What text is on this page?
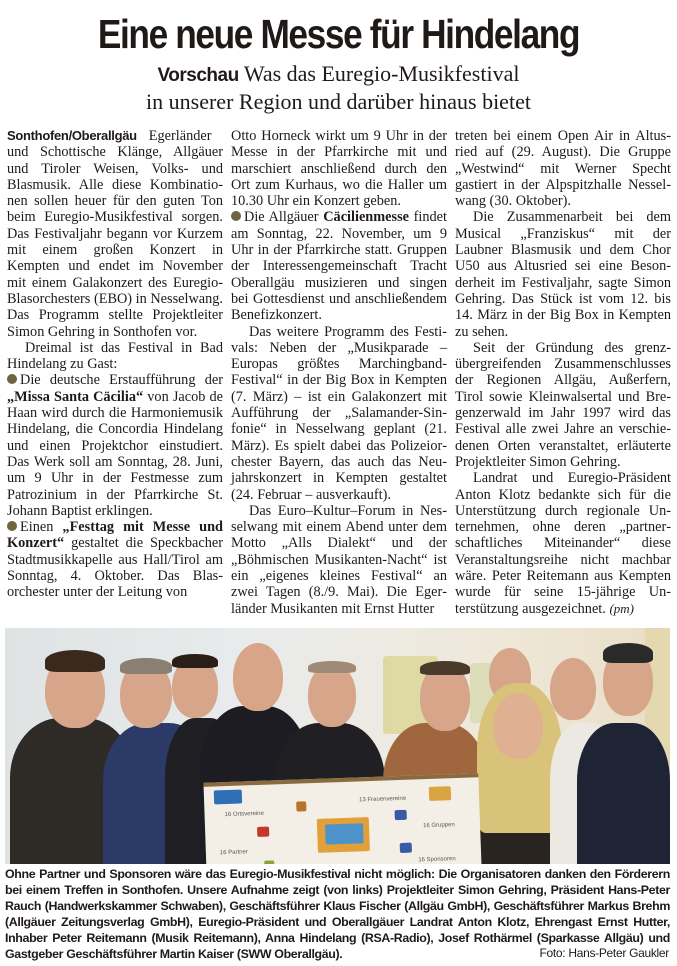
Eine neue Messe für Hindelang
Vorschau Was das Euregio-Musikfestival
in unserer Region und darüber hinaus bietet

Sonthofen/Oberallgäu Egerländer und Schottische Klänge, Allgäuer und Tiroler Weisen, Volks- und Blasmusik. Alle diese Kombinationen sollen heuer für den guten Ton beim Euregio-Musikfestival sorgen. Das Festivaljahr begann vor Kurzem mit einem großen Konzert in Kempten und endet im November mit einem Galakonzert des Euregio-Blasorchesters (EBO) in Nesselwang. Das Programm stellte Projektleiter Simon Gehring in Sonthofen vor.

Dreimal ist das Festival in Bad Hindelang zu Gast:

Die deutsche Erstaufführung der „Missa Santa Cäcilia“ von Jacob de Haan wird durch die Harmoniemusik Hindelang, die Concordia Hindelang und einen Projektchor einstudiert. Das Werk soll am Sonntag, 28. Juni, um 9 Uhr in der Festmesse zum Patrozinium in der Pfarrkirche St. Johann Baptist erklingen.

Einen „Festtag mit Messe und Konzert“ gestaltet die Speckbacher Stadtmusikkapelle aus Hall/Tirol am Sonntag, 4. Oktober. Das Blasorchester unter der Leitung von

Otto Horneck wirkt um 9 Uhr in der Messe in der Pfarrkirche mit und marschiert anschließend durch den Ort zum Kurhaus, wo die Haller um 10.30 Uhr ein Konzert geben.

Die Allgäuer Cäcilienmesse findet am Sonntag, 22. November, um 9 Uhr in der Pfarrkirche statt. Gruppen der Interessengemeinschaft Tracht Oberallgäu musizieren und singen bei Gottesdienst und anschließendem Benefizkonzert.

Das weitere Programm des Festivals: Neben der „Musikparade – Europas größtes Marchingband-Festival“ in der Big Box in Kempten (7. März) – ist ein Galakonzert mit Aufführung der „Salamander-Sinfonie“ in Nesselwang geplant (21. März). Es spielt dabei das Polizeiorchester Bayern, das auch das Neujahrskonzert in Kempten gestaltet (24. Februar – ausverkauft).

Das Euro–Kultur–Forum in Nesselwang mit einem Abend unter dem Motto „Alls Dialekt“ und der „Böhmischen Musikanten-Nacht“ ist ein „eigenes kleines Festival“ an zwei Tagen (8./9. Mai). Die Egerländer Musikanten mit Ernst Hutter

treten bei einem Open Air in Altusried auf (29. August). Die Gruppe „Westwind“ mit Werner Specht gastiert in der Alpspitzhalle Nesselwang (30. Oktober).

Die Zusammenarbeit bei dem Musical „Franziskus“ mit der Laubner Blasmusik und dem Chor U50 aus Altusried sei eine Besonderheit im Festivaljahr, sagte Simon Gehring. Das Stück ist vom 12. bis 14. März in der Big Box in Kempten zu sehen.

Seit der Gründung des grenzübergreifenden Zusammenschlusses der Regionen Allgäu, Außerfern, Tirol sowie Kleinwalsertal und Bregenzerwald im Jahr 1997 wird das Festival alle zwei Jahre an verschiedenen Orten veranstaltet, erläuterte Projektleiter Simon Gehring.

Landrat und Euregio-Präsident Anton Klotz bedankte sich für die Unterstützung durch regionale Unternehmen, ohne deren „partnerschaftliches Miteinander“ diese Veranstaltungsreihe nicht machbar wäre. Peter Reitemann aus Kempten wurde für seine 15-jährige Unterstützung ausgezeichnet. (pm)

16 Ortsvereine
16 Partner
13 Frauenvereine
16 Gruppen
16 Sponsoren
Ohne Partner und Sponsoren wäre das Euregio-Musikfestival nicht möglich: Die Organisatoren danken den Förderern bei einem Treffen in Sonthofen. Unsere Aufnahme zeigt (von links) Projektleiter Simon Gehring, Präsident Hans-Peter Rauch (Handwerkskammer Schwaben), Geschäftsführer Klaus Fischer (Allgäu GmbH), Geschäftsführer Markus Brehm (Allgäuer Zeitungsverlag GmbH), Euregio-Präsident und Oberallgäuer Landrat Anton Klotz, Ehrengast Ernst Hutter, Inhaber Peter Reitemann (Musik Reitemann), Anna Hindelang (RSA-Radio), Josef Rothärmel (Sparkasse Allgäu) und Gastgeber Geschäftsführer Martin Kaiser (SWW Oberallgäu).	Foto: Hans-Peter Gaukler
